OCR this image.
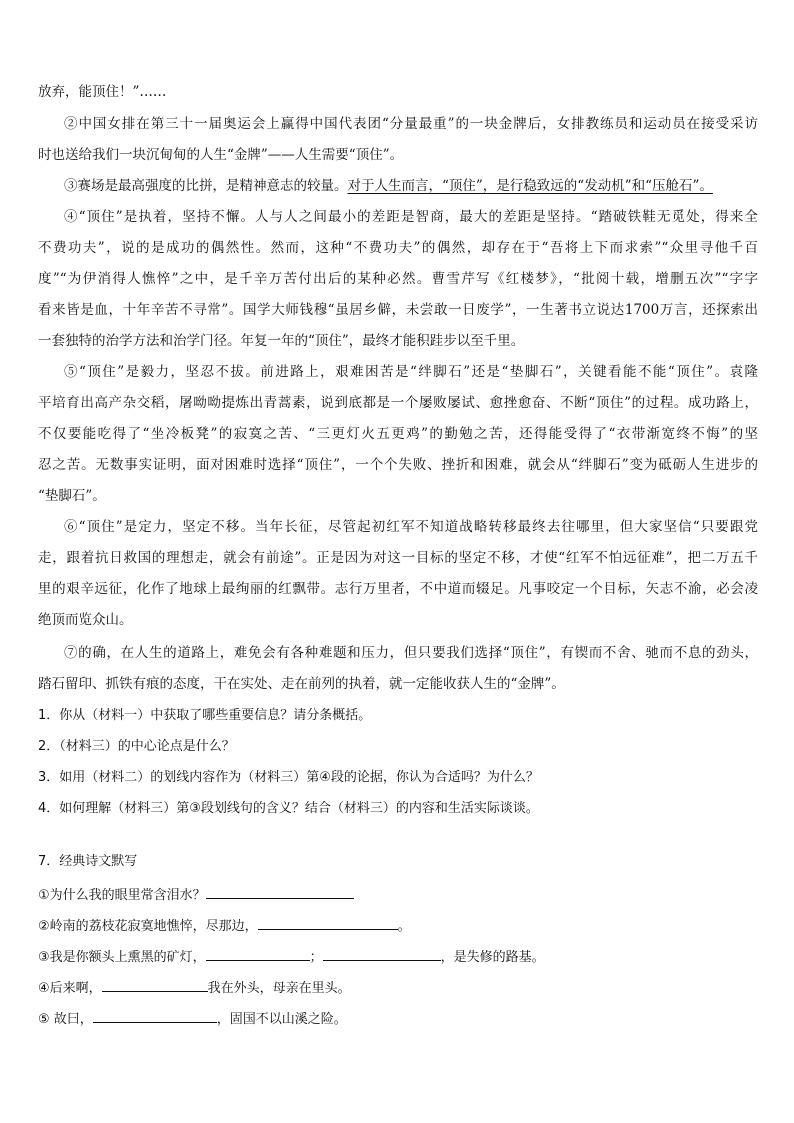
放弃，能顶住！”……
②中国女排在第三十一届奥运会上赢得中国代表团“分量最重”的一块金牌后，女排教练员和运动员在接受采访
时也送给我们一块沉甸甸的人生“金牌”——人生需要“顶住”。
③赛场是最高强度的比拼，是精神意志的较量。对于人生而言，“顶住”，是行稳致远的“发动机”和“压舱石”。
④“顶住”是执着，坚持不懈。人与人之间最小的差距是智商，最大的差距是坚持。“踏破铁鞋无觅处，得来全
不费功夫”，说的是成功的偶然性。然而，这种“不费功夫”的偶然，却存在于“吾将上下而求索”“众里寻他千百
度”“为伊消得人憔悴”之中，是千辛万苦付出后的某种必然。曹雪芹写《红楼梦》，“批阅十载，增删五次”“字字
看来皆是血，十年辛苦不寻常”。国学大师钱穆“虽居乡僻，未尝敢一日废学”，一生著书立说达1700万言，还探索出
一套独特的治学方法和治学门径。年复一年的“顶住”，最终才能积跬步以至千里。
⑤“顶住”是毅力，坚忍不拔。前进路上，艰难困苦是“绊脚石”还是“垫脚石”，关键看能不能“顶住”。袁隆
平培育出高产杂交稻，屠呦呦提炼出青蒿素，说到底都是一个屡败屡试、愈挫愈奋、不断“顶住”的过程。成功路上，
不仅要能吃得了“坐冷板凳”的寂寞之苦、“三更灯火五更鸡”的勤勉之苦，还得能受得了“衣带渐宽终不悔”的坚
忍之苦。无数事实证明，面对困难时选择“顶住”，一个个失败、挫折和困难，就会从“绊脚石”变为砥砺人生进步的
“垫脚石”。
⑥“顶住”是定力，坚定不移。当年长征，尽管起初红军不知道战略转移最终去往哪里，但大家坚信“只要跟党
走，跟着抗日救国的理想走，就会有前途”。正是因为对这一目标的坚定不移，才使“红军不怕远征难”，把二万五千
里的艰辛远征，化作了地球上最绚丽的红飘带。志行万里者，不中道而辍足。凡事咬定一个目标，矢志不渝，必会凌
绝顶而览众山。
⑦的确，在人生的道路上，难免会有各种难题和压力，但只要我们选择“顶住”，有锲而不舍、驰而不息的劲头，
踏石留印、抓铁有痕的态度，干在实处、走在前列的执着，就一定能收获人生的“金牌”。
1．你从（材料一）中获取了哪些重要信息？请分条概括。
2．（材料三）的中心论点是什么？
3．如用（材料二）的划线内容作为（材料三）第④段的论据，你认为合适吗？为什么？
4．如何理解（材料三）第③段划线句的含义？结合（材料三）的内容和生活实际谈谈。
7．经典诗文默写
①为什么我的眼里常含泪水？
②岭南的荔枝花寂寞地憔悴，尽那边，	。
③我是你额头上熏黑的矿灯，	；	，是失修的路基。
④后来啊，	我在外头，母亲在里头。
⑤ 故曰，	，固国不以山溪之险。
